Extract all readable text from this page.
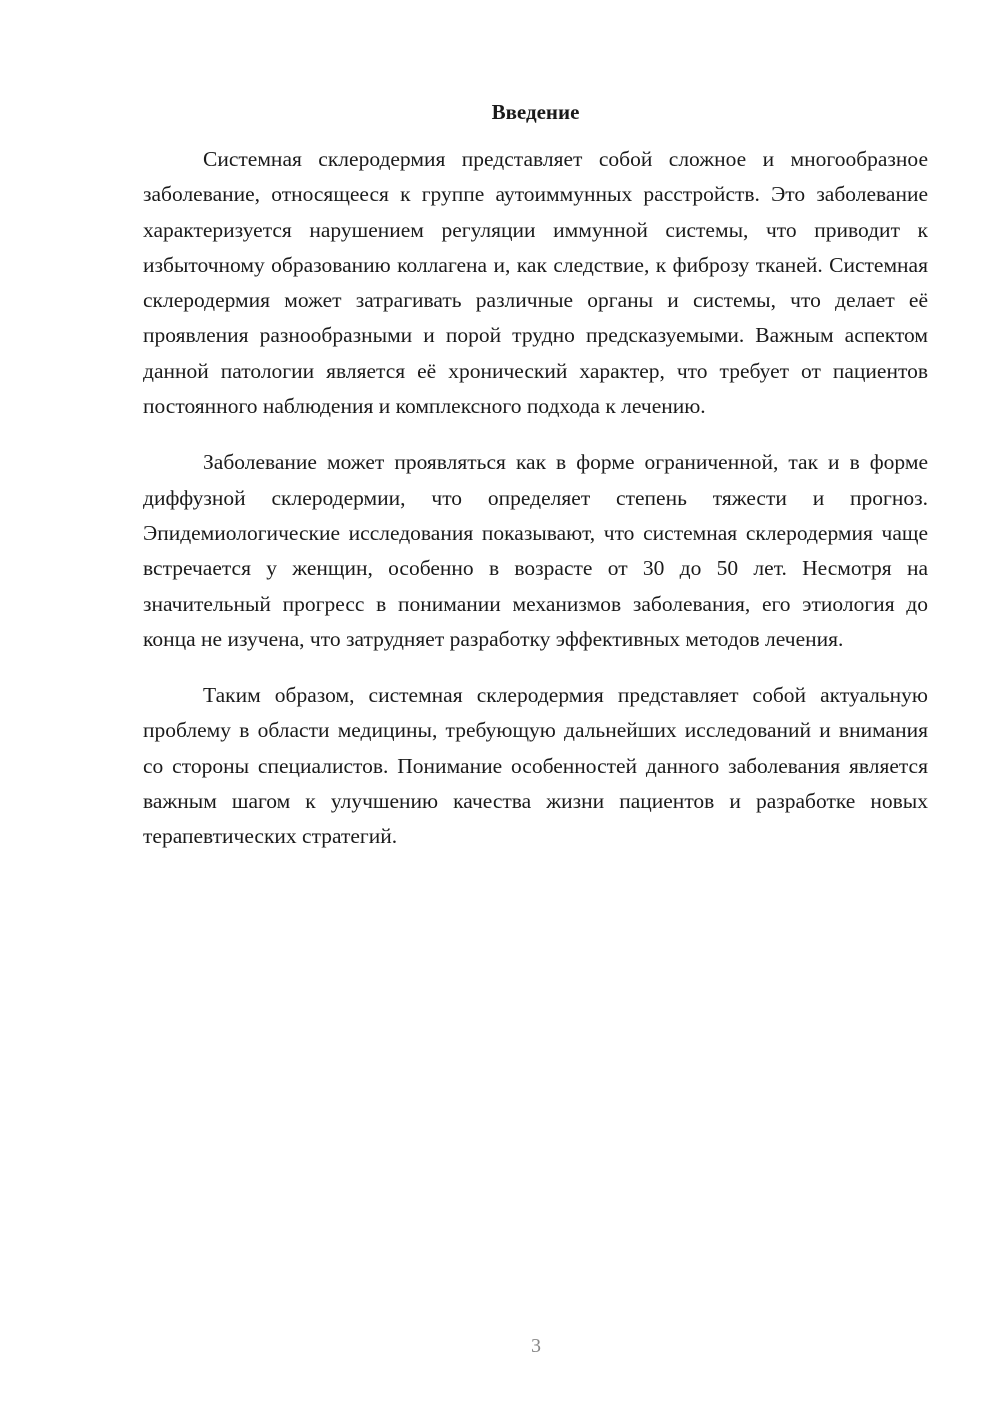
Введение

Системная склеродермия представляет собой сложное и многообразное заболевание, относящееся к группе аутоиммунных расстройств. Это заболевание характеризуется нарушением регуляции иммунной системы, что приводит к избыточному образованию коллагена и, как следствие, к фиброзу тканей. Системная склеродермия может затрагивать различные органы и системы, что делает её проявления разнообразными и порой трудно предсказуемыми. Важным аспектом данной патологии является её хронический характер, что требует от пациентов постоянного наблюдения и комплексного подхода к лечению.

Заболевание может проявляться как в форме ограниченной, так и в форме диффузной склеродермии, что определяет степень тяжести и прогноз. Эпидемиологические исследования показывают, что системная склеродермия чаще встречается у женщин, особенно в возрасте от 30 до 50 лет. Несмотря на значительный прогресс в понимании механизмов заболевания, его этиология до конца не изучена, что затрудняет разработку эффективных методов лечения.

Таким образом, системная склеродермия представляет собой актуальную проблему в области медицины, требующую дальнейших исследований и внимания со стороны специалистов. Понимание особенностей данного заболевания является важным шагом к улучшению качества жизни пациентов и разработке новых терапевтических стратегий.

3
